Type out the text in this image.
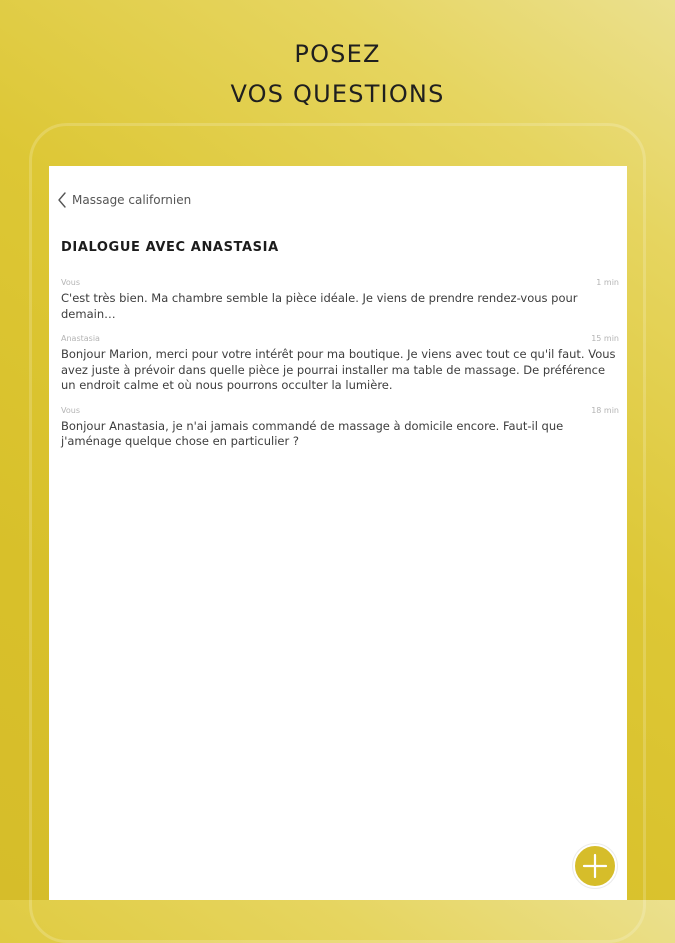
POSEZ
VOS QUESTIONS
Massage californien
DIALOGUE AVEC ANASTASIA
Vous	1 min
C'est très bien. Ma chambre semble la pièce idéale. Je viens de prendre rendez-vous pour demain…
Anastasia	15 min
Bonjour Marion, merci pour votre intérêt pour ma boutique. Je viens avec tout ce qu'il faut. Vous avez juste à prévoir dans quelle pièce je pourrai installer ma table de massage. De préférence un endroit calme et où nous pourrons occulter la lumière.
Vous	18 min
Bonjour Anastasia, je n'ai jamais commandé de massage à domicile encore. Faut-il que j'aménage quelque chose en particulier ?
